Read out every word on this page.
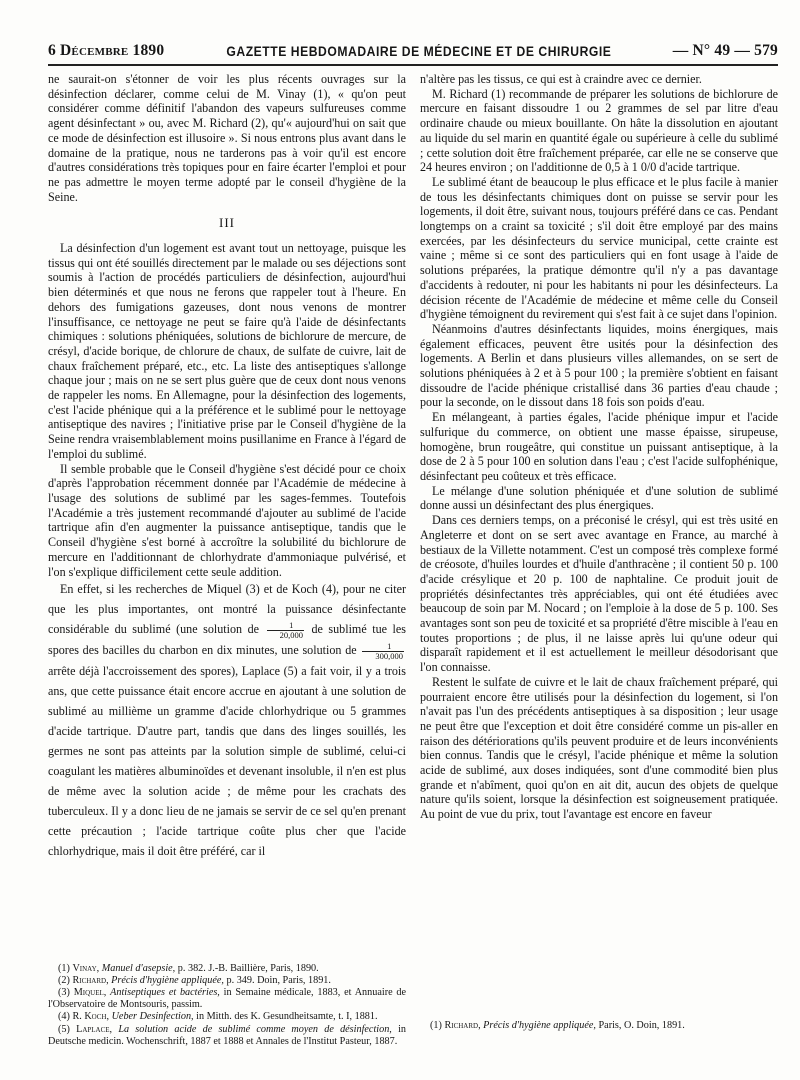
6 Décembre 1890	GAZETTE HEBDOMADAIRE DE MÉDECINE ET DE CHIRURGIE	— N° 49 — 579

ne saurait-on s'étonner de voir les plus récents ouvrages sur la désinfection déclarer, comme celui de M. Vinay (1), « qu'on peut considérer comme définitif l'abandon des vapeurs sulfureuses comme agent désinfectant » ou, avec M. Richard (2), qu'« aujourd'hui on sait que ce mode de désinfection est illusoire ». Si nous entrons plus avant dans le domaine de la pratique, nous ne tarderons pas à voir qu'il est encore d'autres considérations très topiques pour en faire écarter l'emploi et pour ne pas admettre le moyen terme adopté par le conseil d'hygiène de la Seine.

III

La désinfection d'un logement est avant tout un nettoyage, puisque les tissus qui ont été souillés directement par le malade ou ses déjections sont soumis à l'action de procédés particuliers de désinfection, aujourd'hui bien déterminés et que nous ne ferons que rappeler tout à l'heure. En dehors des fumigations gazeuses, dont nous venons de montrer l'insuffisance, ce nettoyage ne peut se faire qu'à l'aide de désinfectants chimiques : solutions phéniquées, solutions de bichlorure de mercure, de crésyl, d'acide borique, de chlorure de chaux, de sulfate de cuivre, lait de chaux fraîchement préparé, etc., etc. La liste des antiseptiques s'allonge chaque jour ; mais on ne se sert plus guère que de ceux dont nous venons de rappeler les noms. En Allemagne, pour la désinfection des logements, c'est l'acide phénique qui a la préférence et le sublimé pour le nettoyage antiseptique des navires ; l'initiative prise par le Conseil d'hygiène de la Seine rendra vraisemblablement moins pusillanime en France à l'égard de l'emploi du sublimé.

Il semble probable que le Conseil d'hygiène s'est décidé pour ce choix d'après l'approbation récemment donnée par l'Académie de médecine à l'usage des solutions de sublimé par les sages-femmes. Toutefois l'Académie a très justement recommandé d'ajouter au sublimé de l'acide tartrique afin d'en augmenter la puissance antiseptique, tandis que le Conseil d'hygiène s'est borné à accroître la solubilité du bichlorure de mercure en l'additionnant de chlorhydrate d'ammoniaque pulvérisé, et l'on s'explique difficilement cette seule addition.

En effet, si les recherches de Miquel (3) et de Koch (4), pour ne citer que les plus importantes, ont montré la puissance désinfectante considérable du sublimé (une solution de $\frac{1}{20,000}$ de sublimé tue les spores des bacilles du charbon en dix minutes, une solution de $\frac{1}{300,000}$
arrête déjà l'accroissement des spores), Laplace (5) a fait voir, il y a trois ans, que cette puissance était encore accrue en ajoutant à une solution de sublimé au millième un gramme d'acide chlorhydrique ou 5 grammes d'acide tartrique. D'autre part, tandis que dans des linges souillés, les germes ne sont pas atteints par la solution simple de sublimé, celui-ci coagulant les matières albuminoïdes et devenant insoluble, il n'en est plus de même avec la solution acide ; de même pour les crachats des tuberculeux. Il y a donc lieu de ne jamais se servir de ce sel qu'en prenant cette précaution ; l'acide tartrique coûte plus cher que l'acide chlorhydrique, mais il doit être préféré, car il

(1) Vinay, Manuel d'asepsie, p. 382. J.-B. Baillière, Paris, 1890.
(2) Richard, Précis d'hygiène appliquée, p. 349. Doin, Paris, 1891.
(3) Miquel, Antiseptiques et bactéries, in Semaine médicale, 1883, et Annuaire de l'Observatoire de Montsouris, passim.
(4) R. Koch, Ueber Desinfection, in Mitth. des K. Gesundheitsamte, t. I, 1881.
(5) Laplace, La solution acide de sublimé comme moyen de désinfection, in Deutsche medicin. Wochenschrift, 1887 et 1888 et Annales de l'Institut Pasteur, 1887.

n'altère pas les tissus, ce qui est à craindre avec ce dernier.

M. Richard (1) recommande de préparer les solutions de bichlorure de mercure en faisant dissoudre 1 ou 2 grammes de sel par litre d'eau ordinaire chaude ou mieux bouillante. On hâte la dissolution en ajoutant au liquide du sel marin en quantité égale ou supérieure à celle du sublimé ; cette solution doit être fraîchement préparée, car elle ne se conserve que 24 heures environ ; on l'additionne de 0,5 à 1 0/0 d'acide tartrique.

Le sublimé étant de beaucoup le plus efficace et le plus facile à manier de tous les désinfectants chimiques dont on puisse se servir pour les logements, il doit être, suivant nous, toujours préféré dans ce cas. Pendant longtemps on a craint sa toxicité ; s'il doit être employé par des mains exercées, par les désinfecteurs du service municipal, cette crainte est vaine ; même si ce sont des particuliers qui en font usage à l'aide de solutions préparées, la pratique démontre qu'il n'y a pas davantage d'accidents à redouter, ni pour les habitants ni pour les désinfecteurs. La décision récente de l'Académie de médecine et même celle du Conseil d'hygiène témoignent du revirement qui s'est fait à ce sujet dans l'opinion.

Néanmoins d'autres désinfectants liquides, moins énergiques, mais également efficaces, peuvent être usités pour la désinfection des logements. A Berlin et dans plusieurs villes allemandes, on se sert de solutions phéniquées à 2 et à 5 pour 100 ; la première s'obtient en faisant dissoudre de l'acide phénique cristallisé dans 36 parties d'eau chaude ; pour la seconde, on le dissout dans 18 fois son poids d'eau.

En mélangeant, à parties égales, l'acide phénique impur et l'acide sulfurique du commerce, on obtient une masse épaisse, sirupeuse, homogène, brun rougeâtre, qui constitue un puissant antiseptique, à la dose de 2 à 5 pour 100 en solution dans l'eau ; c'est l'acide sulfophénique, désinfectant peu coûteux et très efficace.

Le mélange d'une solution phéniquée et d'une solution de sublimé donne aussi un désinfectant des plus énergiques.

Dans ces derniers temps, on a préconisé le crésyl, qui est très usité en Angleterre et dont on se sert avec avantage en France, au marché à bestiaux de la Villette notamment. C'est un composé très complexe formé de créosote, d'huiles lourdes et d'huile d'anthracène ; il contient 50 p. 100 d'acide crésylique et 20 p. 100 de naphtaline. Ce produit jouit de propriétés désinfectantes très appréciables, qui ont été étudiées avec beaucoup de soin par M. Nocard ; on l'emploie à la dose de 5 p. 100. Ses avantages sont son peu de toxicité et sa propriété d'être miscible à l'eau en toutes proportions ; de plus, il ne laisse après lui qu'une odeur qui disparaît rapidement et il est actuellement le meilleur désodorisant que l'on connaisse.

Restent le sulfate de cuivre et le lait de chaux fraîchement préparé, qui pourraient encore être utilisés pour la désinfection du logement, si l'on n'avait pas l'un des précédents antiseptiques à sa disposition ; leur usage ne peut être que l'exception et doit être considéré comme un pis-aller en raison des détériorations qu'ils peuvent produire et de leurs inconvénients bien connus. Tandis que le crésyl, l'acide phénique et même la solution acide de sublimé, aux doses indiquées, sont d'une commodité bien plus grande et n'abîment, quoi qu'on en ait dit, aucun des objets de quelque nature qu'ils soient, lorsque la désinfection est soigneusement pratiquée. Au point de vue du prix, tout l'avantage est encore en faveur

(1) Richard, Précis d'hygiène appliquée, Paris, O. Doin, 1891.
